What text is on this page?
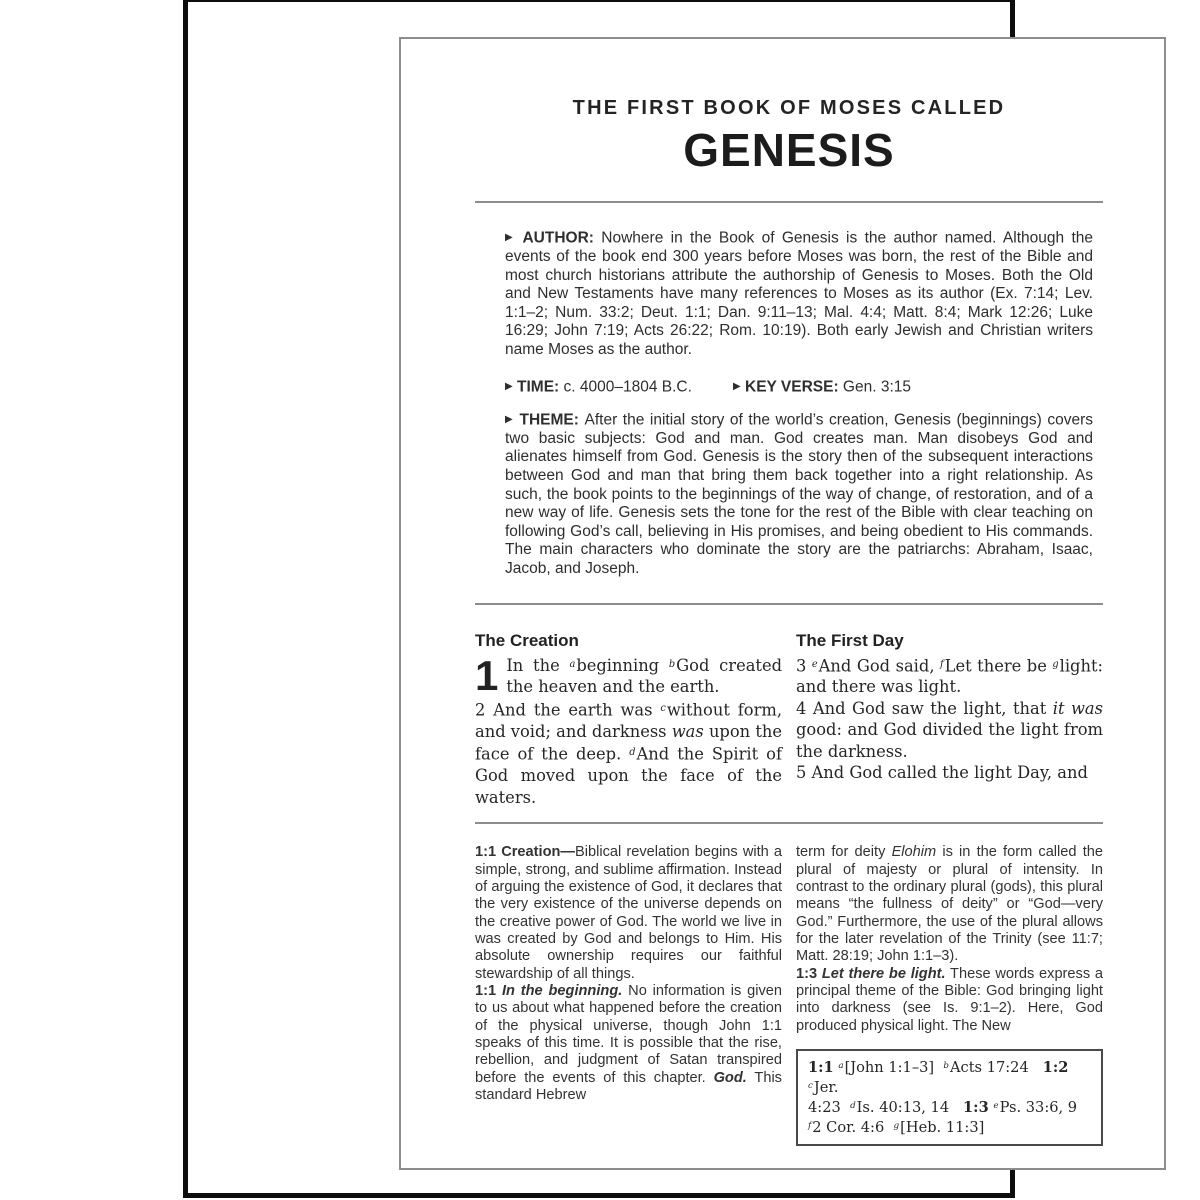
THE FIRST BOOK OF MOSES CALLED
GENESIS

▶ AUTHOR: Nowhere in the Book of Genesis is the author named. Although the events of the book end 300 years before Moses was born, the rest of the Bible and most church historians attribute the authorship of Genesis to Moses. Both the Old and New Testaments have many references to Moses as its author (Ex. 7:14; Lev. 1:1–2; Num. 33:2; Deut. 1:1; Dan. 9:11–13; Mal. 4:4; Matt. 8:4; Mark 12:26; Luke 16:29; John 7:19; Acts 26:22; Rom. 10:19). Both early Jewish and Christian writers name Moses as the author.

▶ TIME: c. 4000–1804 B.C.	▶ KEY VERSE: Gen. 3:15

▶ THEME: After the initial story of the world’s creation, Genesis (beginnings) covers two basic subjects: God and man. God creates man. Man disobeys God and alienates himself from God. Genesis is the story then of the subsequent interactions between God and man that bring them back together into a right relationship. As such, the book points to the beginnings of the way of change, of restoration, and of a new way of life. Genesis sets the tone for the rest of the Bible with clear teaching on following God’s call, believing in His promises, and being obedient to His commands. The main characters who dominate the story are the patriarchs: Abraham, Isaac, Jacob, and Joseph.

The Creation

1 In the $^a$beginning $^b$God created the heaven and the earth.

2 And the earth was $^c$without form, and void; and darkness was upon the face of the deep. $^d$And the Spirit of God moved upon the face of the waters.

The First Day

3 $^e$And God said, $^f$Let there be $^g$light: and there was light.

4 And God saw the light, that it was good: and God divided the light from the darkness.

5 And God called the light Day, and

1:1 Creation—Biblical revelation begins with a simple, strong, and sublime affirmation. Instead of arguing the existence of God, it declares that the very existence of the universe depends on the creative power of God. The world we live in was created by God and belongs to Him. His absolute ownership requires our faithful stewardship of all things.

1:1 In the beginning. No information is given to us about what happened before the creation of the physical universe, though John 1:1 speaks of this time. It is possible that the rise, rebellion, and judgment of Satan transpired before the events of this chapter. God. This standard Hebrew

term for deity Elohim is in the form called the plural of majesty or plural of intensity. In contrast to the ordinary plural (gods), this plural means “the fullness of deity” or “God—very God.” Furthermore, the use of the plural allows for the later revelation of the Trinity (see 11:7; Matt. 28:19; John 1:1–3).

1:3 Let there be light. These words express a principal theme of the Bible: God bringing light into darkness (see Is. 9:1–2). Here, God produced physical light. The New

1:1 $^a$[John 1:1–3]  $^b$Acts 17:24   1:2 $^c$Jer.
4:23  $^d$Is. 40:13, 14   1:3 $^e$Ps. 33:6, 9
$^f$2 Cor. 4:6  $^g$[Heb. 11:3]
